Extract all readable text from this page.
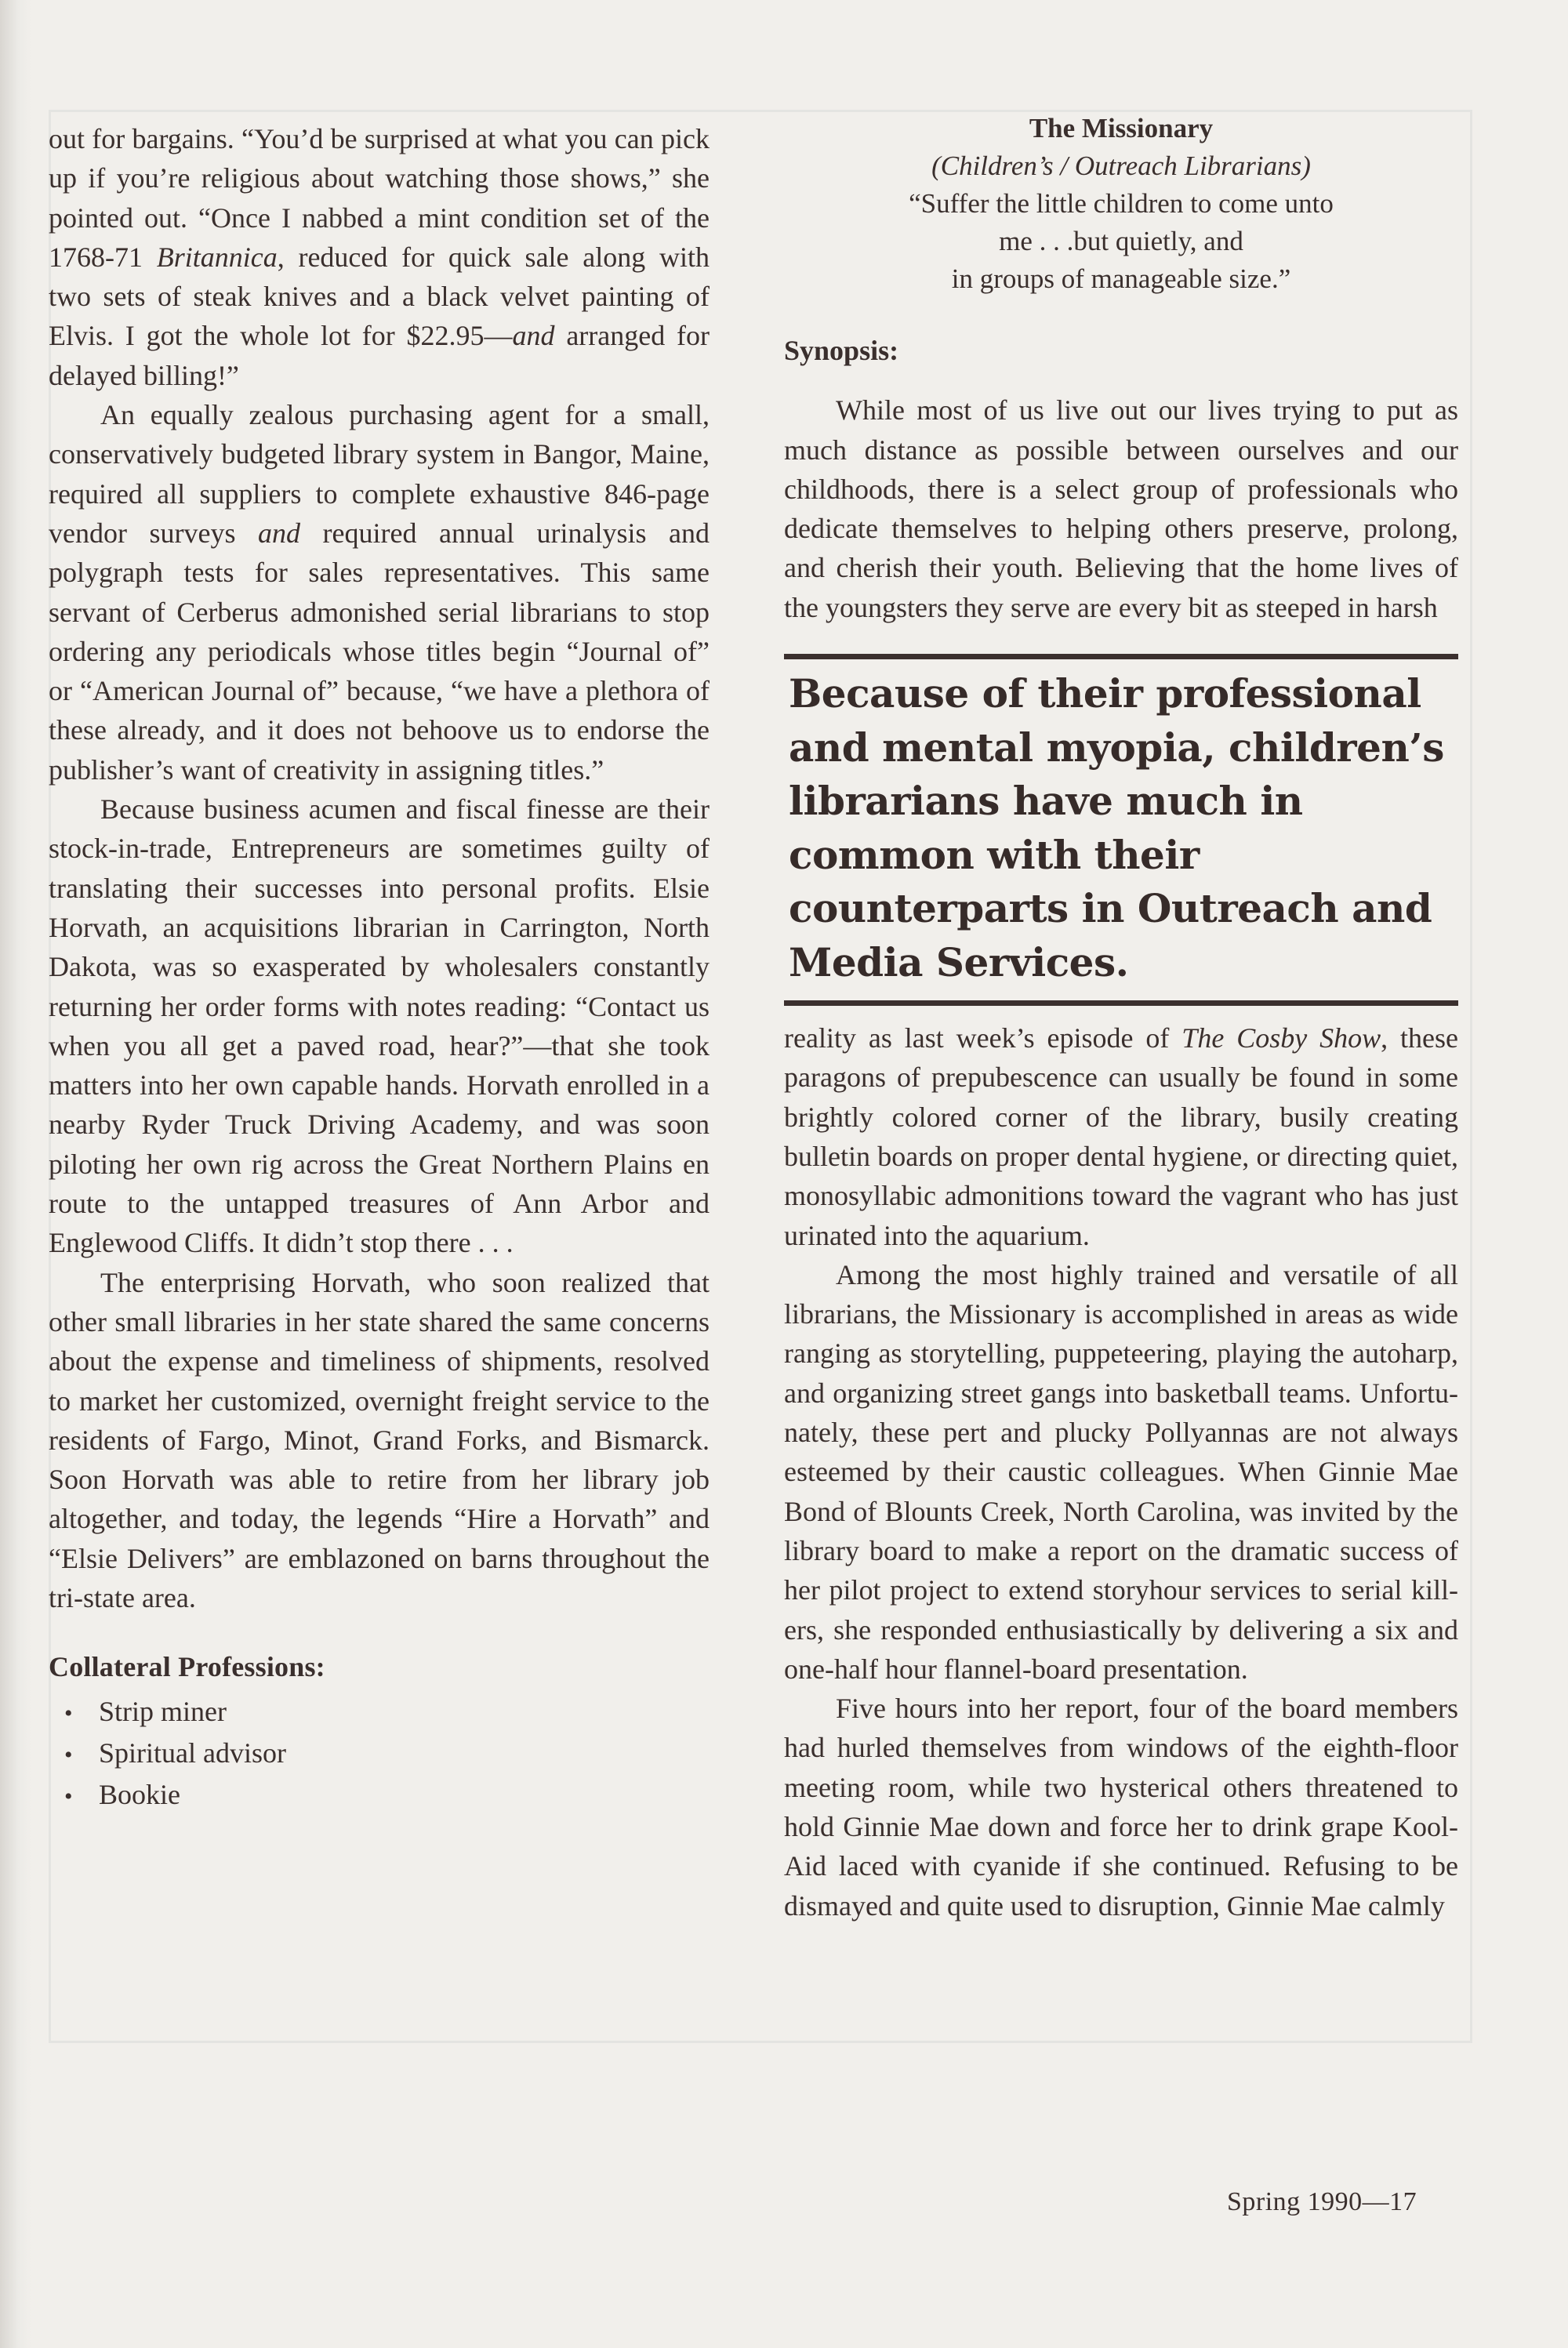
out for bargains. “You’d be surprised at what you can pick up if you’re religious about watching those shows,” she pointed out. “Once I nabbed a mint condition set of the 1768-71 Britannica, reduced for quick sale along with two sets of steak knives and a black velvet painting of Elvis. I got the whole lot for $22.95—and arranged for delayed billing!”

An equally zealous purchasing agent for a small, conservatively budgeted library system in Bangor, Maine, required all suppliers to complete exhaustive 846-page vendor surveys and required annual urinalysis and polygraph tests for sales representatives. This same servant of Cerberus admonished serial librarians to stop ordering any periodicals whose titles begin “Journal of” or “American Journal of” because, “we have a plethora of these already, and it does not behoove us to endorse the publisher’s want of creativity in assigning titles.”

Because business acumen and fiscal finesse are their stock-in-trade, Entrepreneurs are sometimes guilty of translating their successes into personal profits. Elsie Horvath, an acquisitions librarian in Carrington, North Dakota, was so exasperated by wholesalers constantly returning her order forms with notes reading: “Contact us when you all get a paved road, hear?”—that she took matters into her own capable hands. Horvath enrolled in a nearby Ryder Truck Driving Academy, and was soon piloting her own rig across the Great Northern Plains en route to the untapped treasures of Ann Arbor and Englewood Cliffs. It didn’t stop there . . .

The enterprising Horvath, who soon realized that other small libraries in her state shared the same concerns about the expense and timeliness of shipments, resolved to market her customized, overnight freight service to the residents of Fargo, Minot, Grand Forks, and Bismarck. Soon Horvath was able to retire from her library job altogether, and today, the legends “Hire a Horvath” and “Elsie Delivers” are emblazoned on barns throughout the tri-state area.

Collateral Professions:
• Strip miner
• Spiritual advisor
• Bookie
The Missionary
(Children’s / Outreach Librarians)
“Suffer the little children to come unto
me . . .but quietly, and
in groups of manageable size.”
Synopsis:

While most of us live out our lives trying to put as much distance as possible between ourselves and our childhoods, there is a select group of professionals who dedicate themselves to helping others preserve, prolong, and cherish their youth. Believing that the home lives of the youngsters they serve are every bit as steeped in harsh

Because of their professional and mental myopia, children’s librarians have much in common with their counterparts in Outreach and Media Services.

reality as last week’s episode of The Cosby Show, these paragons of prepubescence can usually be found in some brightly colored corner of the library, busily creating bulletin boards on proper dental hygiene, or directing quiet, monosyllabic admonitions toward the vagrant who has just urinated into the aquarium.

Among the most highly trained and versatile of all librarians, the Missionary is accomplished in areas as wide ranging as storytelling, puppeteering, playing the autoharp, and organizing street gangs into basketball teams. Unfortunately, these pert and plucky Pollyannas are not always esteemed by their caustic colleagues. When Ginnie Mae Bond of Blounts Creek, North Carolina, was invited by the library board to make a report on the dramatic success of her pilot project to extend storyhour services to serial killers, she responded enthusiastically by delivering a six and one-half hour flannel-board presentation.

Five hours into her report, four of the board members had hurled themselves from windows of the eighth-floor meeting room, while two hysterical others threatened to hold Ginnie Mae down and force her to drink grape Kool-Aid laced with cyanide if she continued. Refusing to be dismayed and quite used to disruption, Ginnie Mae calmly

Spring 1990—17
